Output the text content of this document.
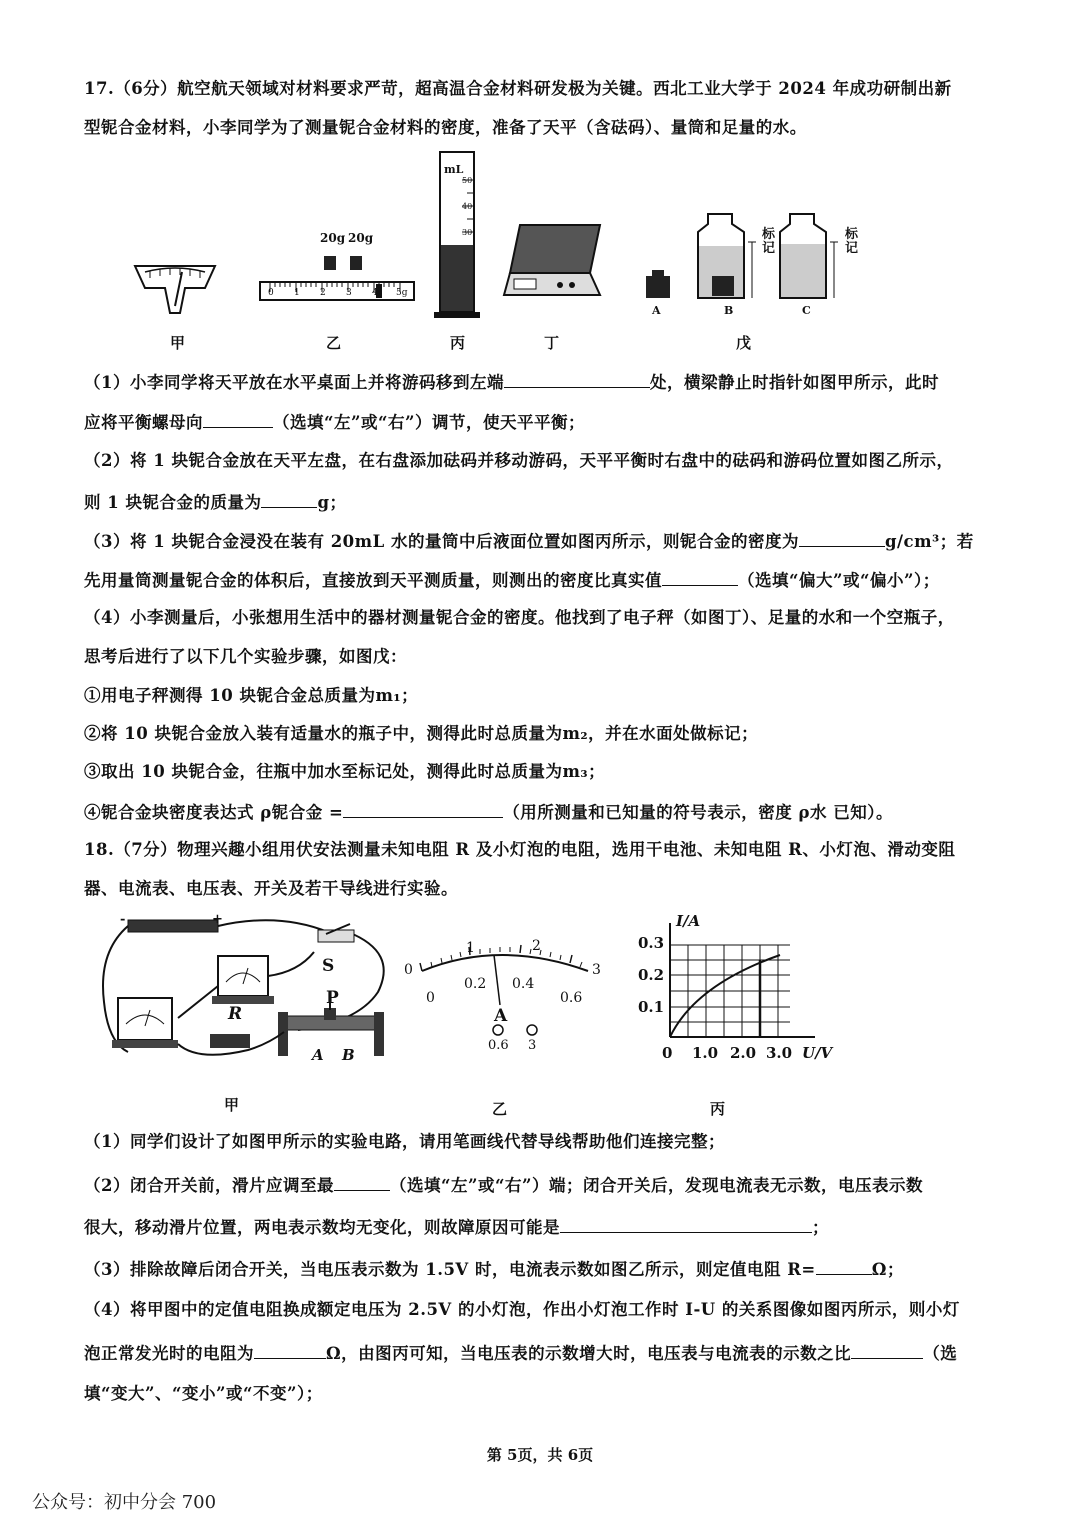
17.（6分）航空航天领域对材料要求严苛，超高温合金材料研发极为关键。西北工业大学于 2024 年成功研制出新
型铌合金材料，小李同学为了测量铌合金材料的密度，准备了天平（含砝码）、量筒和足量的水。
20g 20g
0 1 2 3 4 5g
mL
50
40
30	标记
标记
A	B	C
甲	乙	丙	丁	戊
（1）小李同学将天平放在水平桌面上并将游码移到左端	处，横梁静止时指针如图甲所示，此时
应将平衡螺母向	（选填“左”或“右”）调节，使天平平衡；
（2）将 1 块铌合金放在天平左盘，在右盘添加砝码并移动游码，天平平衡时右盘中的砝码和游码位置如图乙所示，
则 1 块铌合金的质量为	g；
（3）将 1 块铌合金浸没在装有 20mL 水的量筒中后液面位置如图丙所示，则铌合金的密度为	g/cm³；若
先用量筒测量铌合金的体积后，直接放到天平测质量，则测出的密度比真实值	（选填“偏大”或“偏小”）；
（4）小李测量后，小张想用生活中的器材测量铌合金的密度。他找到了电子秤（如图丁）、足量的水和一个空瓶子，
思考后进行了以下几个实验步骤，如图戊：
①用电子秤测得 10 块铌合金总质量为m₁；
②将 10 块铌合金放入装有适量水的瓶子中，测得此时总质量为m₂，并在水面处做标记；
③取出 10 块铌合金，往瓶中加水至标记处，测得此时总质量为m₃；
④铌合金块密度表达式 ρ铌合金 =	（用所测量和已知量的符号表示，密度 ρ水 已知）。
18.（7分）物理兴趣小组用伏安法测量未知电阻 R 及小灯泡的电阻，选用干电池、未知电阻 R、小灯泡、滑动变阻
器、电流表、电压表、开关及若干导线进行实验。
-	+
S
R
P
A B
0
1	2
3
0
0.2 0.4
0.6
A
0.6 3
I/A
0.3
0.2
0.1
0 1.0 2.0 3.0 U/V
甲	乙	丙
（1）同学们设计了如图甲所示的实验电路，请用笔画线代替导线帮助他们连接完整；
（2）闭合开关前，滑片应调至最	（选填“左”或“右”）端；闭合开关后，发现电流表无示数，电压表示数
很大，移动滑片位置，两电表示数均无变化，则故障原因可能是	；
（3）排除故障后闭合开关，当电压表示数为 1.5V 时，电流表示数如图乙所示，则定值电阻 R=	Ω；
（4）将甲图中的定值电阻换成额定电压为 2.5V 的小灯泡，作出小灯泡工作时 I-U 的关系图像如图丙所示，则小灯
泡正常发光时的电阻为	Ω，由图丙可知，当电压表的示数增大时，电压表与电流表的示数之比	（选
填“变大”、“变小”或“不变”）；
第 5页，共 6页
公众号：初中分会 700
